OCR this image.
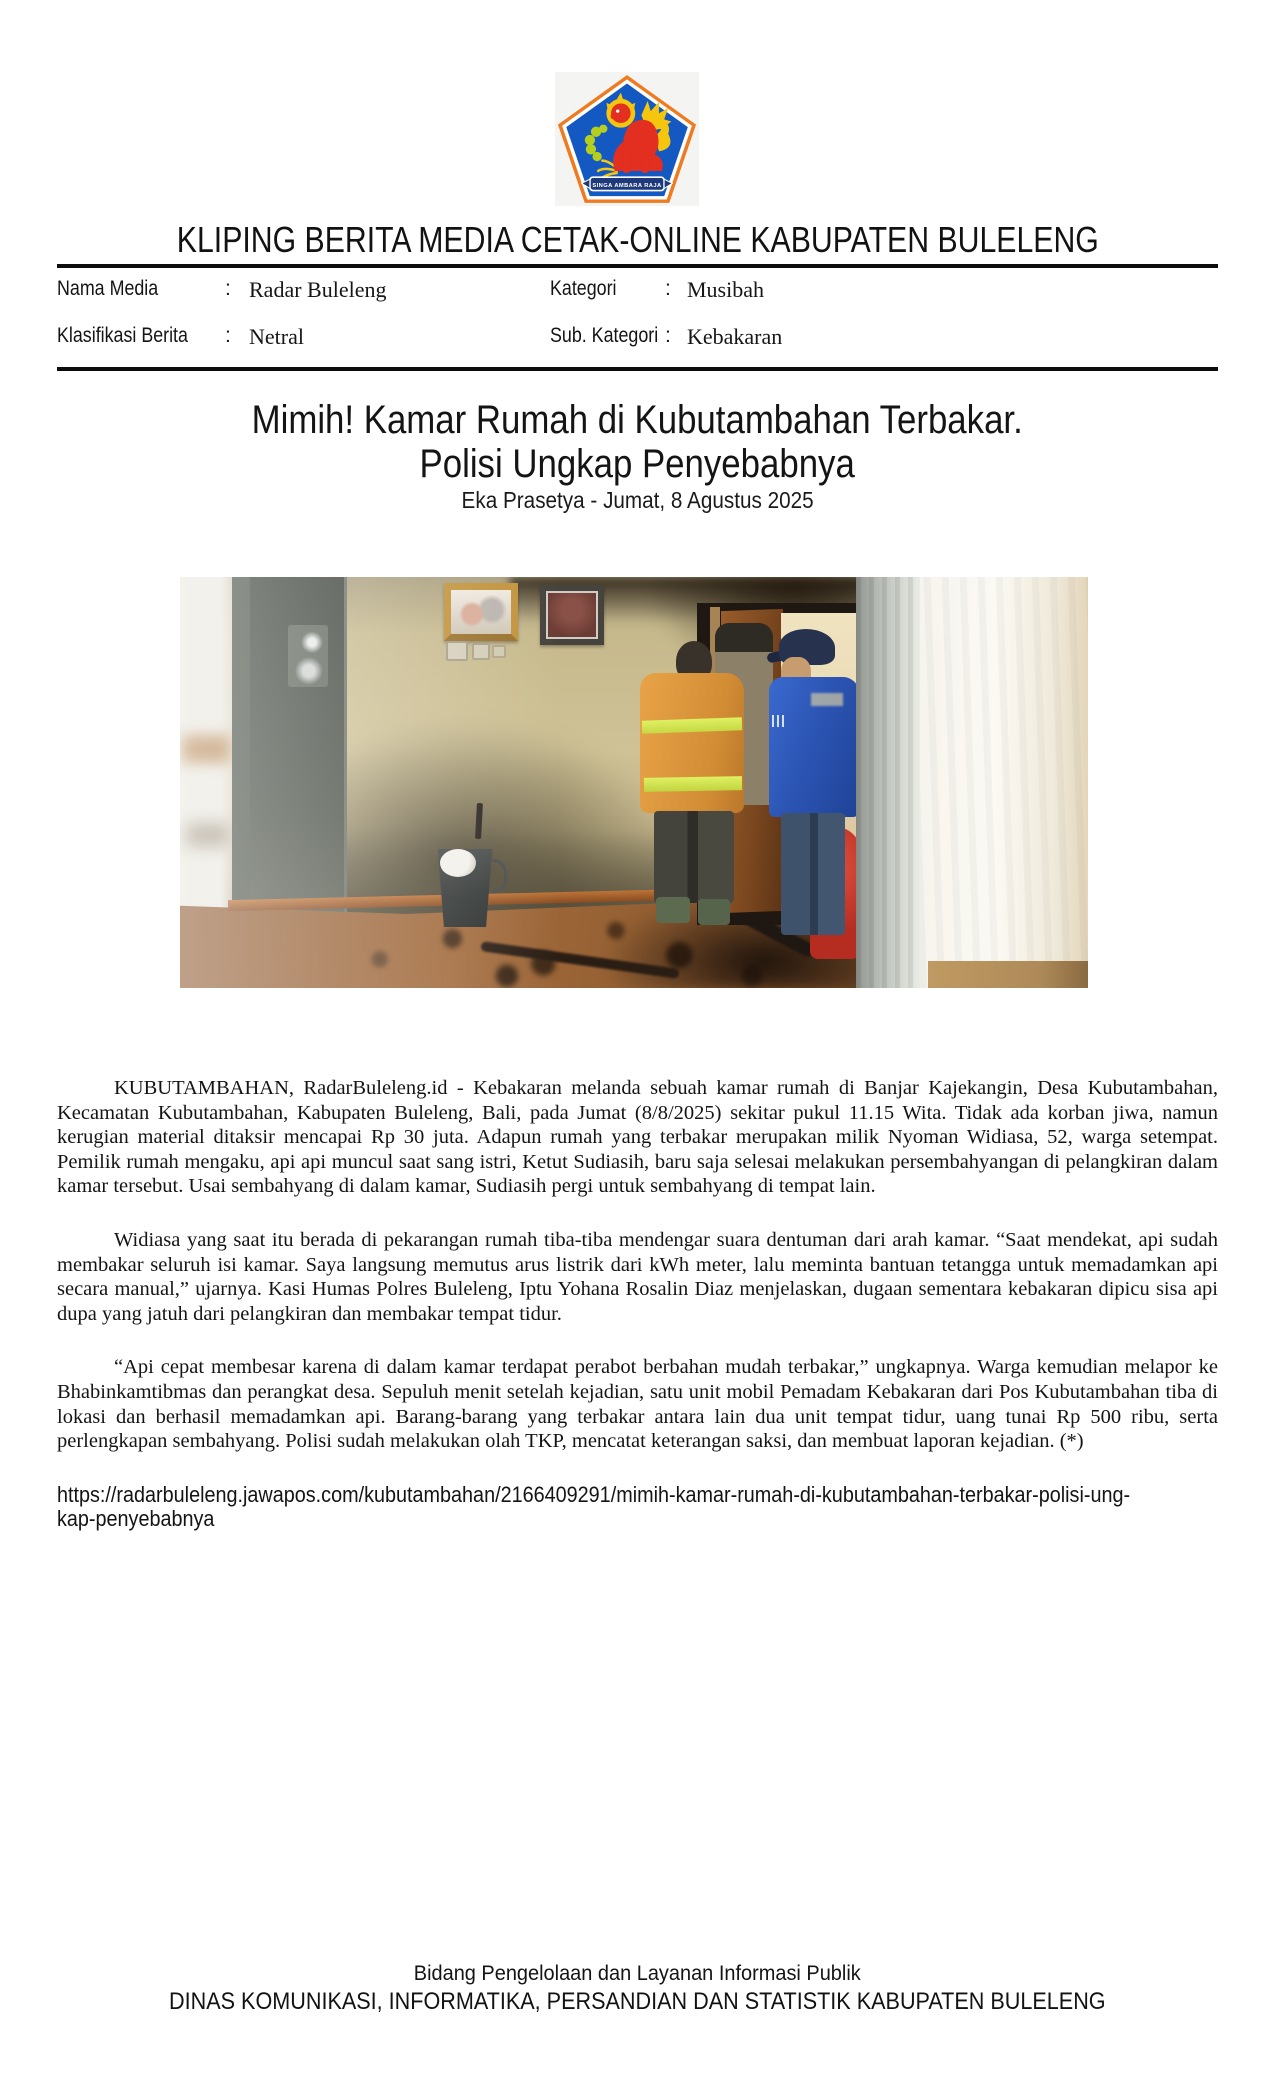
SINGA AMBARA RAJA
KLIPING BERITA MEDIA CETAK-ONLINE KABUPATEN BULELENG
Nama Media	: Radar Buleleng	Kategori : Musibah
Klasifikasi Berita : Netral	Sub. Kategori : Kebakaran
Mimih! Kamar Rumah di Kubutambahan Terbakar.
Polisi Ungkap Penyebabnya
Eka Prasetya - Jumat, 8 Agustus 2025

KUBUTAMBAHAN, RadarBuleleng.id - Kebakaran melanda sebuah kamar rumah di Banjar Kajekangin, Desa Kubutambahan, Kecamatan Kubutambahan, Kabupaten Buleleng, Bali, pada Jumat (8/8/2025) sekitar pukul 11.15 Wita. Tidak ada korban jiwa, namun kerugian material ditaksir mencapai Rp 30 juta. Adapun rumah yang terbakar merupakan milik Nyoman Widiasa, 52, warga setempat. Pemilik rumah mengaku, api api muncul saat sang istri, Ketut Sudiasih, baru saja selesai melakukan persembahyangan di pelangkiran dalam kamar tersebut. Usai sembahyang di dalam kamar, Sudiasih pergi untuk sembahyang di tempat lain.

Widiasa yang saat itu berada di pekarangan rumah tiba-tiba mendengar suara dentuman dari arah kamar. “Saat mendekat, api sudah membakar seluruh isi kamar. Saya langsung memutus arus listrik dari kWh meter, lalu meminta bantuan tetangga untuk memadamkan api secara manual,” ujarnya. Kasi Humas Polres Buleleng, Iptu Yohana Rosalin Diaz menjelaskan, dugaan sementara kebakaran dipicu sisa api dupa yang jatuh dari pelangkiran dan membakar tempat tidur.

“Api cepat membesar karena di dalam kamar terdapat perabot berbahan mudah terbakar,” ungkapnya. Warga kemudian melapor ke Bhabinkamtibmas dan perangkat desa. Sepuluh menit setelah kejadian, satu unit mobil Pemadam Kebakaran dari Pos Kubutambahan tiba di lokasi dan berhasil memadamkan api. Barang-barang yang terbakar antara lain dua unit tempat tidur, uang tunai Rp 500 ribu, serta perlengkapan sembahyang. Polisi sudah melakukan olah TKP, mencatat keterangan saksi, dan membuat laporan kejadian. (*)

https://radarbuleleng.jawapos.com/kubutambahan/2166409291/mimih-kamar-rumah-di-kubutambahan-terbakar-polisi-ung-
kap-penyebabnya
Bidang Pengelolaan dan Layanan Informasi Publik
DINAS KOMUNIKASI, INFORMATIKA, PERSANDIAN DAN STATISTIK KABUPATEN BULELENG
